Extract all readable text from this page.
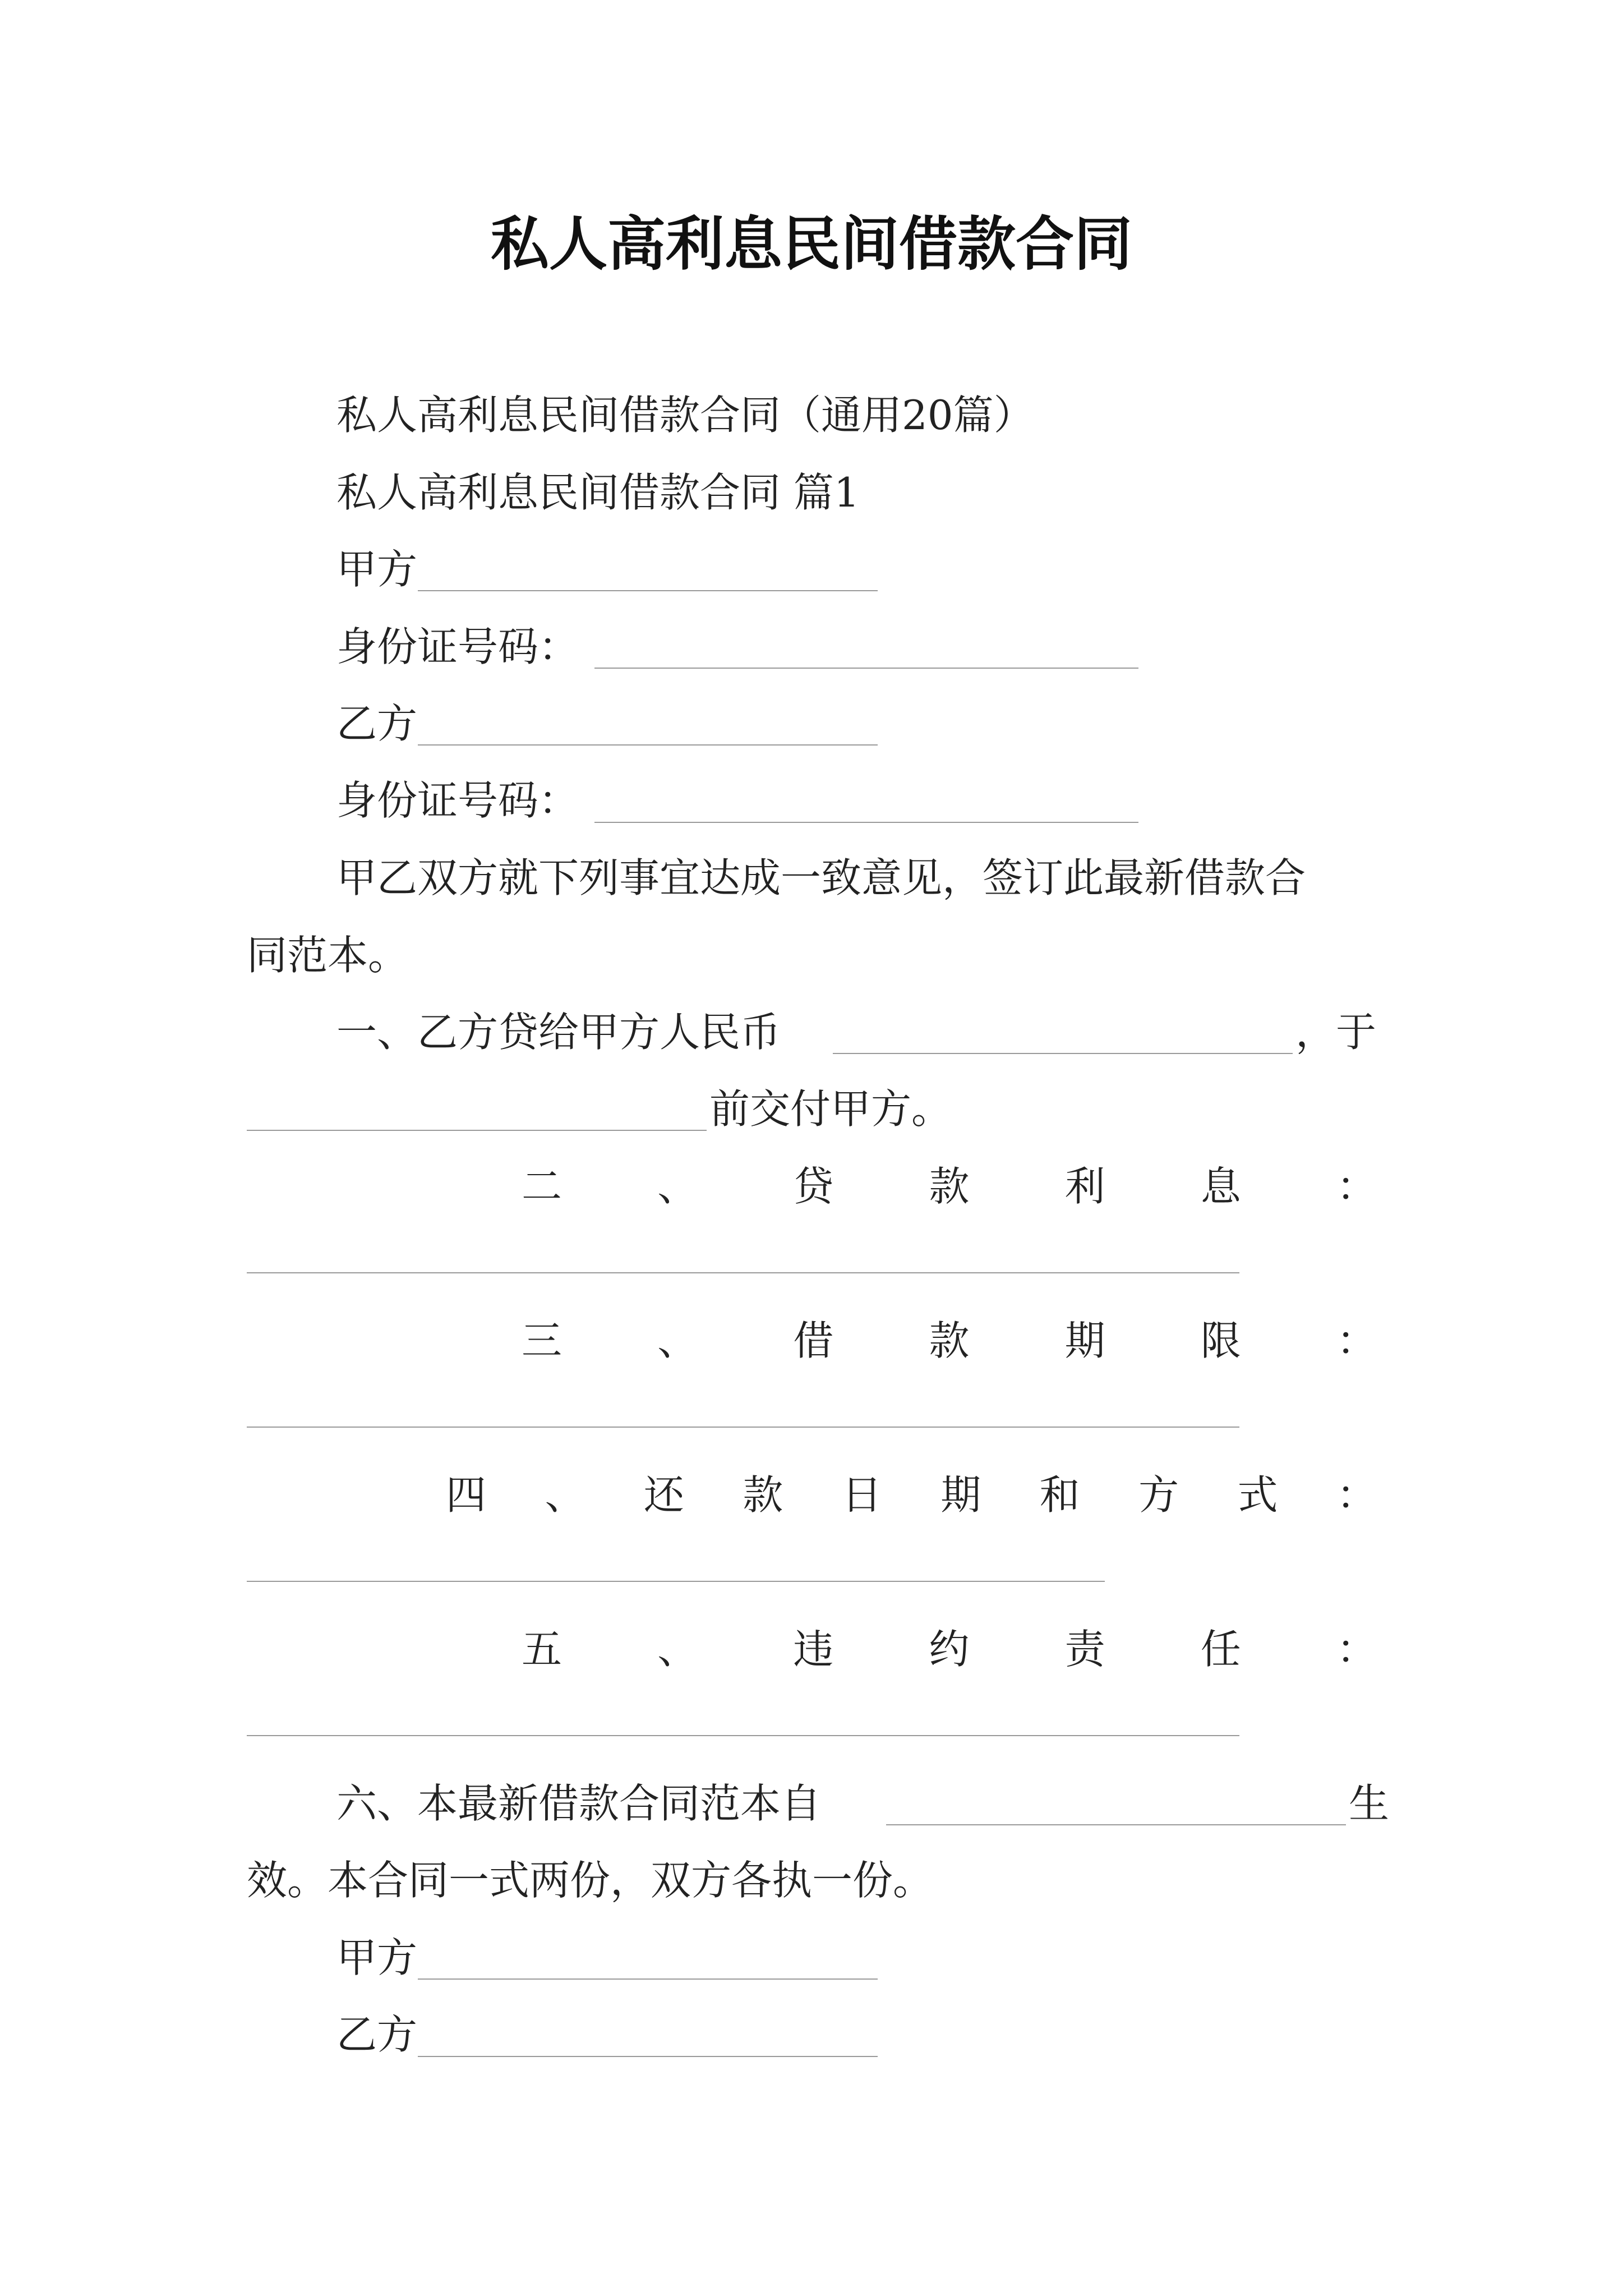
私人高利息民间借款合同
私人高利息民间借款合同（通用20篇）
私人高利息民间借款合同 篇1
甲方
身份证号码：
乙方
身份证号码：
甲乙双方就下列事宜达成一致意见，签订此最新借款合
同范本。
一、乙方贷给甲方人民币	，于
前交付甲方。
二 、 贷 款 利 息 ：
三 、 借 款 期 限 ：
四 、 还 款 日 期 和 方 式 ：
五 、 违 约 责 任 ：
六、本最新借款合同范本自	生
效。本合同一式两份，双方各执一份。
甲方
乙方
